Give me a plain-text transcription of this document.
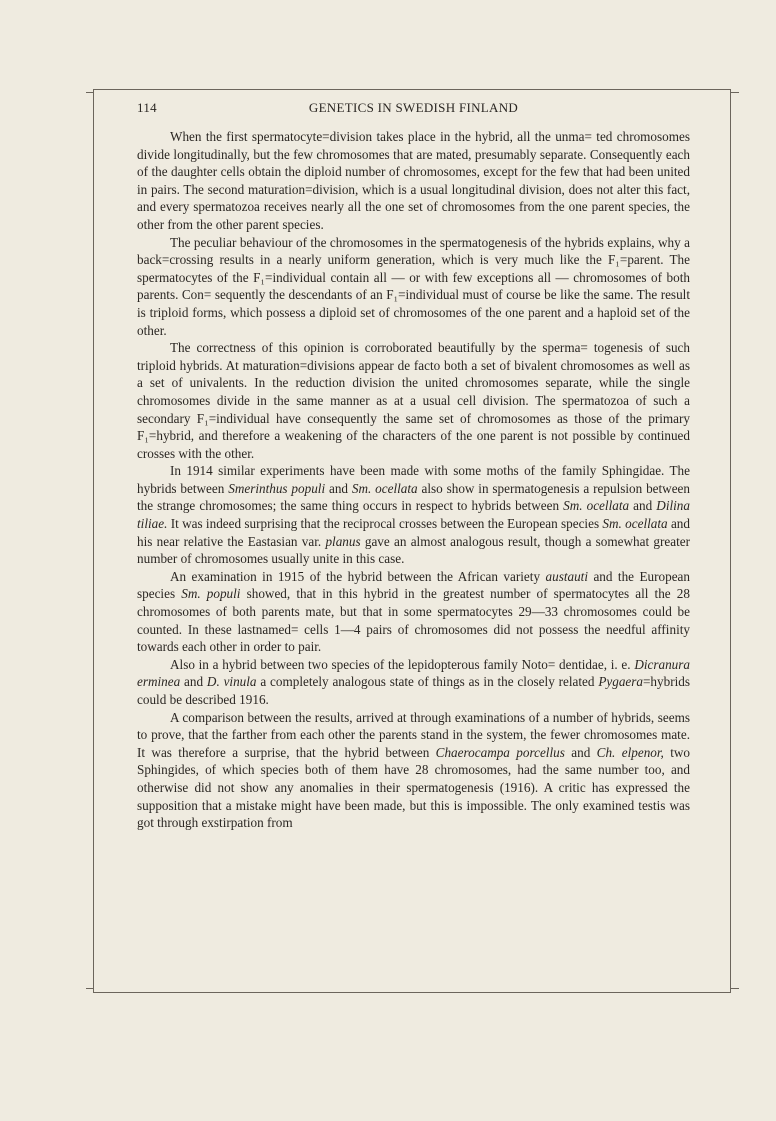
114	GENETICS IN SWEDISH FINLAND

When the first spermatocyte=division takes place in the hybrid, all the unma= ted chromosomes divide longitudinally, but the few chromosomes that are mated, presumably separate. Consequently each of the daughter cells obtain the diploid number of chromosomes, except for the few that had been united in pairs. The second maturation=division, which is a usual longitudinal division, does not alter this fact, and every spermatozoa receives nearly all the one set of chromosomes from the one parent species, the other from the other parent species.

The peculiar behaviour of the chromosomes in the spermatogenesis of the hybrids explains, why a back=crossing results in a nearly uniform generation, which is very much like the F₁=parent. The spermatocytes of the F₁=individual contain all — or with few exceptions all — chromosomes of both parents. Con= sequently the descendants of an F₁=individual must of course be like the same. The result is triploid forms, which possess a diploid set of chromosomes of the one parent and a haploid set of the other.

The correctness of this opinion is corroborated beautifully by the sperma= togenesis of such triploid hybrids. At maturation=divisions appear de facto both a set of bivalent chromosomes as well as a set of univalents. In the reduction division the united chromosomes separate, while the single chromosomes divide in the same manner as at a usual cell division. The spermatozoa of such a secondary F₁=individual have consequently the same set of chromosomes as those of the primary F₁=hybrid, and therefore a weakening of the characters of the one parent is not possible by continued crosses with the other.

In 1914 similar experiments have been made with some moths of the family Sphingidae. The hybrids between Smerinthus populi and Sm. ocellata also show in spermatogenesis a repulsion between the strange chromosomes; the same thing occurs in respect to hybrids between Sm. ocellata and Dilina tiliae. It was indeed surprising that the reciprocal crosses between the European species Sm. ocellata and his near relative the Eastasian var. planus gave an almost analogous result, though a somewhat greater number of chromosomes usually unite in this case.

An examination in 1915 of the hybrid between the African variety austauti and the European species Sm. populi showed, that in this hybrid in the greatest number of spermatocytes all the 28 chromosomes of both parents mate, but that in some spermatocytes 29—33 chromosomes could be counted. In these lastnamed= cells 1—4 pairs of chromosomes did not possess the needful affinity towards each other in order to pair.

Also in a hybrid between two species of the lepidopterous family Noto= dentidae, i. e. Dicranura erminea and D. vinula a completely analogous state of things as in the closely related Pygaera=hybrids could be described 1916.

A comparison between the results, arrived at through examinations of a number of hybrids, seems to prove, that the farther from each other the parents stand in the system, the fewer chromosomes mate. It was therefore a surprise, that the hybrid between Chaerocampa porcellus and Ch. elpenor, two Sphingides, of which species both of them have 28 chromosomes, had the same number too, and otherwise did not show any anomalies in their spermatogenesis (1916). A critic has expressed the supposition that a mistake might have been made, but this is impossible. The only examined testis was got through exstirpation from
